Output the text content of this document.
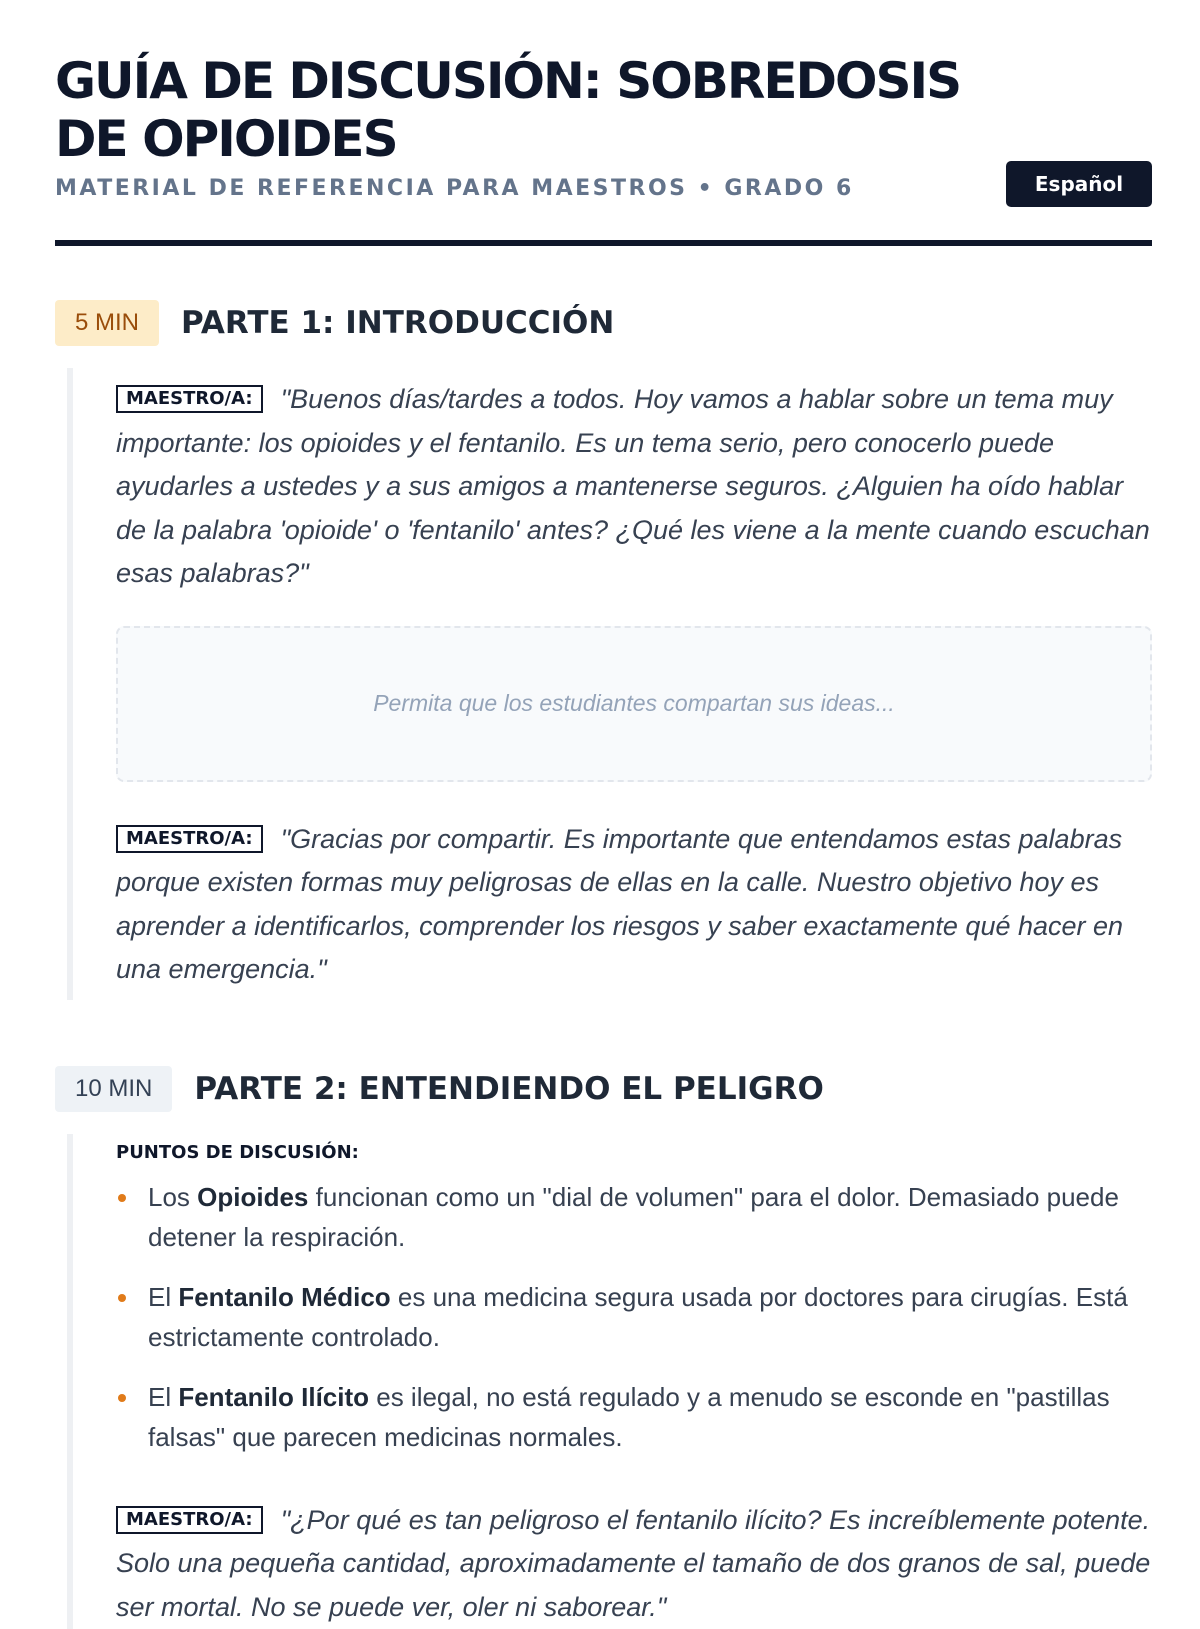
GUÍA DE DISCUSIÓN: SOBREDOSIS DE OPIOIDES

MATERIAL DE REFERENCIA PARA MAESTROS • GRADO 6	Español
5 MIN	PARTE 1: INTRODUCCIÓN

MAESTRO/A: "Buenos días/tardes a todos. Hoy vamos a hablar sobre un tema muy importante: los opioides y el fentanilo. Es un tema serio, pero conocerlo puede ayudarles a ustedes y a sus amigos a mantenerse seguros. ¿Alguien ha oído hablar de la palabra 'opioide' o 'fentanilo' antes? ¿Qué les viene a la mente cuando escuchan esas palabras?"

Permita que los estudiantes compartan sus ideas...

MAESTRO/A: "Gracias por compartir. Es importante que entendamos estas palabras porque existen formas muy peligrosas de ellas en la calle. Nuestro objetivo hoy es aprender a identificarlos, comprender los riesgos y saber exactamente qué hacer en una emergencia."

10 MIN	PARTE 2: ENTENDIENDO EL PELIGRO

PUNTOS DE DISCUSIÓN:

Los Opioides funcionan como un "dial de volumen" para el dolor. Demasiado puede detener la respiración.
El Fentanilo Médico es una medicina segura usada por doctores para cirugías. Está estrictamente controlado.
El Fentanilo Ilícito es ilegal, no está regulado y a menudo se esconde en "pastillas falsas" que parecen medicinas normales.

MAESTRO/A: "¿Por qué es tan peligroso el fentanilo ilícito? Es increíblemente potente. Solo una pequeña cantidad, aproximadamente el tamaño de dos granos de sal, puede ser mortal. No se puede ver, oler ni saborear."
